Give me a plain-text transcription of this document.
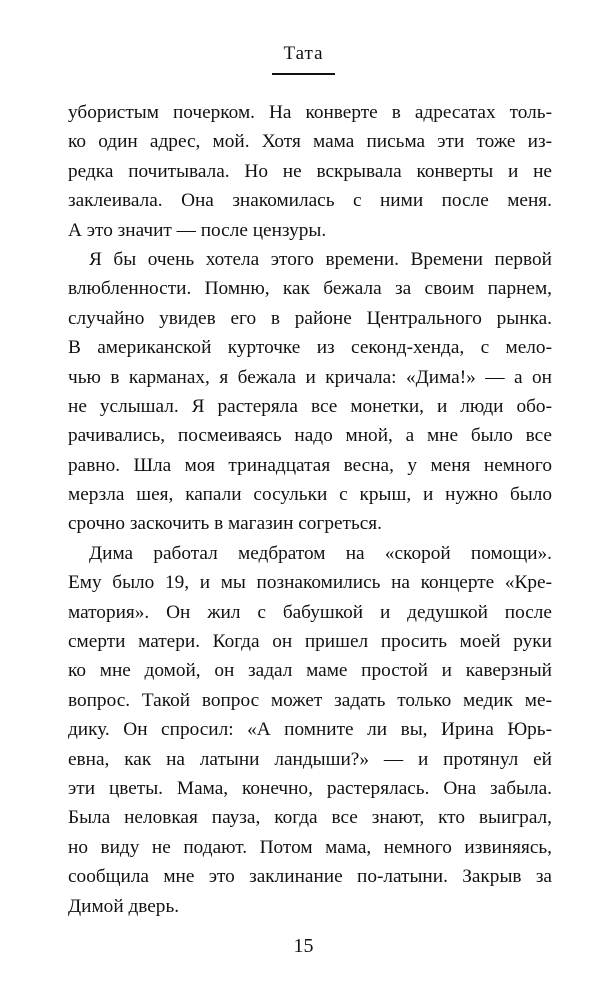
Тата
убористым почерком. На конверте в адресатах толь-
ко один адрес, мой. Хотя мама письма эти тоже из-
редка почитывала. Но не вскрывала конверты и не
заклеивала. Она знакомилась с ними после меня.
А это значит — после цензуры.
Я бы очень хотела этого времени. Времени первой
влюбленности. Помню, как бежала за своим парнем,
случайно увидев его в районе Центрального рынка.
В американской курточке из секонд-хенда, с мело-
чью в карманах, я бежала и кричала: «Дима!» — а он
не услышал. Я растеряла все монетки, и люди обо-
рачивались, посмеиваясь надо мной, а мне было все
равно. Шла моя тринадцатая весна, у меня немного
мерзла шея, капали сосульки с крыш, и нужно было
срочно заскочить в магазин согреться.
Дима работал медбратом на «скорой помощи».
Ему было 19, и мы познакомились на концерте «Кре-
матория». Он жил с бабушкой и дедушкой после
смерти матери. Когда он пришел просить моей руки
ко мне домой, он задал маме простой и каверзный
вопрос. Такой вопрос может задать только медик ме-
дику. Он спросил: «А помните ли вы, Ирина Юрь-
евна, как на латыни ландыши?» — и протянул ей
эти цветы. Мама, конечно, растерялась. Она забыла.
Была неловкая пауза, когда все знают, кто выиграл,
но виду не подают. Потом мама, немного извиняясь,
сообщила мне это заклинание по-латыни. Закрыв за
Димой дверь.
15
